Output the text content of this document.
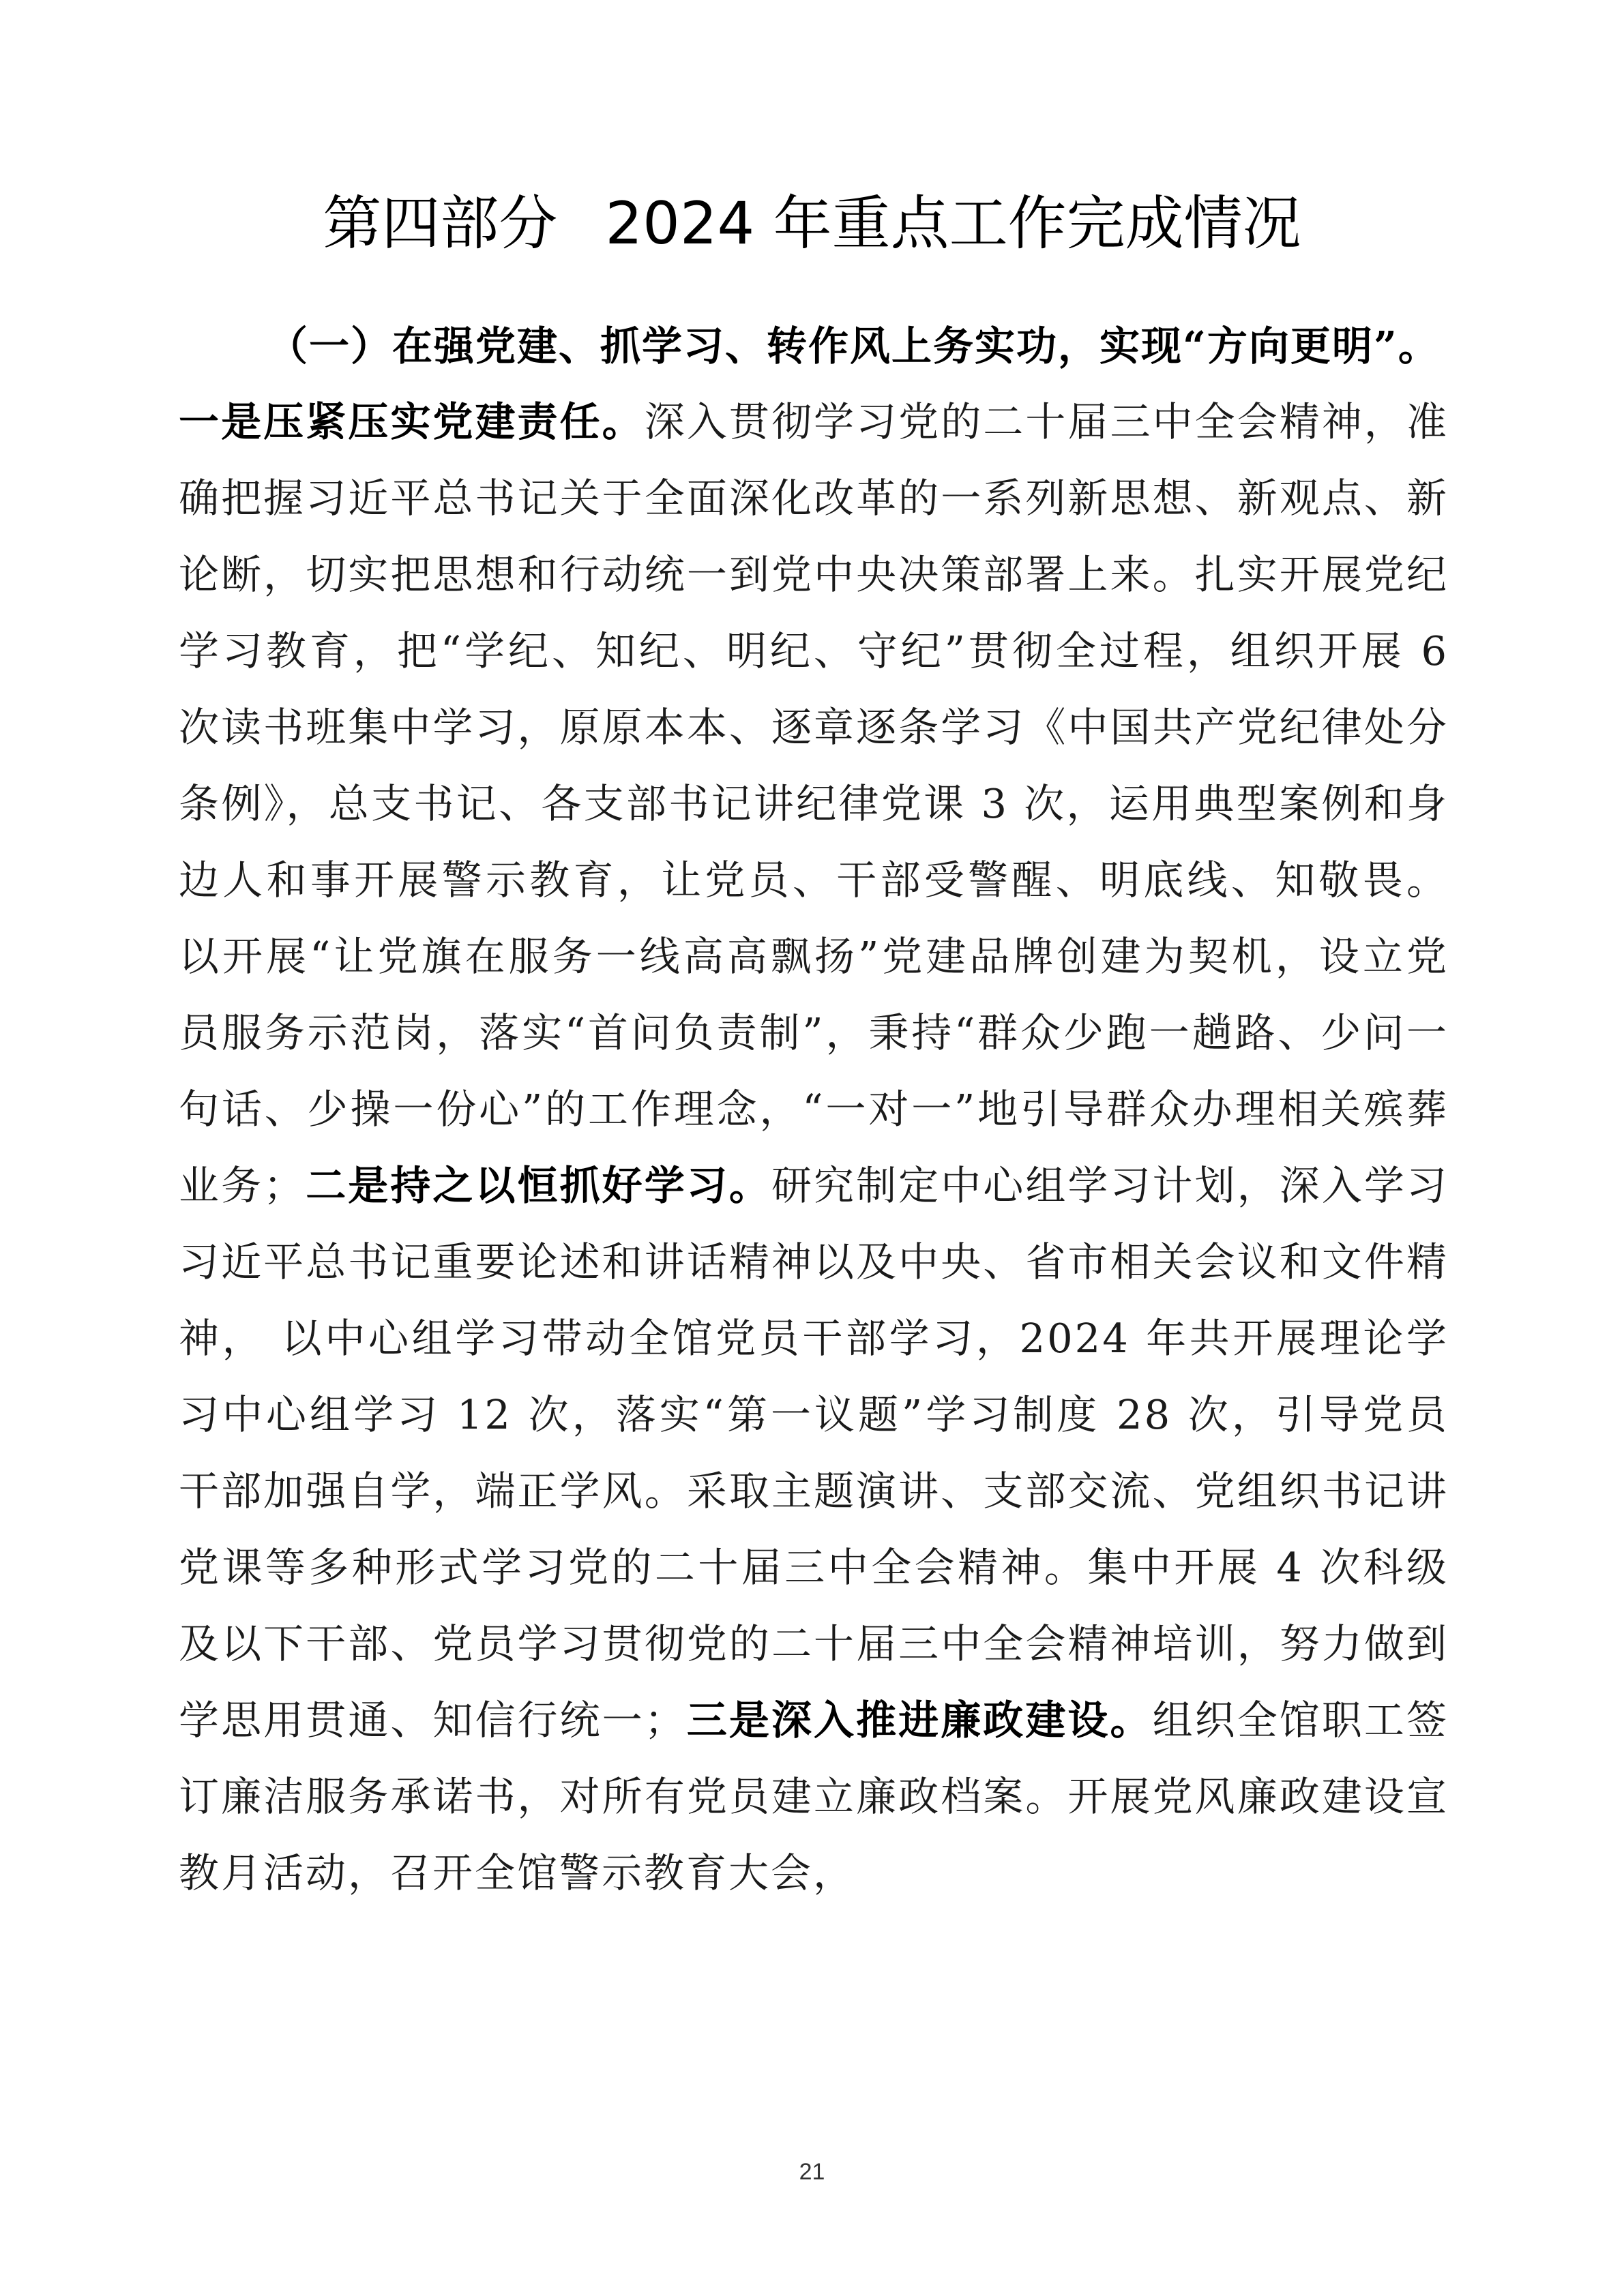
第四部分 2024 年重点工作完成情况

（一）在强党建、抓学习、转作风上务实功，实现“方向更明”。

一是压紧压实党建责任。深入贯彻学习党的二十届三中全会精神，准确把握习近平总书记关于全面深化改革的一系列新思想、新观点、新论断，切实把思想和行动统一到党中央决策部署上来。扎实开展党纪学习教育，把“学纪、知纪、明纪、守纪”贯彻全过程，组织开展 6 次读书班集中学习，原原本本、逐章逐条学习《中国共产党纪律处分条例》，总支书记、各支部书记讲纪律党课 3 次，运用典型案例和身边人和事开展警示教育，让党员、干部受警醒、明底线、知敬畏。 以开展“让党旗在服务一线高高飘扬”党建品牌创建为契机，设立党员服务示范岗，落实“首问负责制”，秉持“群众少跑一趟路、少问一句话、少操一份心”的工作理念，“一对一”地引导群众办理相关殡葬业务；二是持之以恒抓好学习。研究制定中心组学习计划，深入学习习近平总书记重要论述和讲话精神以及中央、省市相关会议和文件精神， 以中心组学习带动全馆党员干部学习，2024 年共开展理论学习中心组学习 12 次，落实“第一议题”学习制度 28 次，引导党员干部加强自学，端正学风。采取主题演讲、支部交流、党组织书记讲党课等多种形式学习党的二十届三中全会精神。集中开展 4 次科级及以下干部、党员学习贯彻党的二十届三中全会精神培训，努力做到学思用贯通、知信行统一；三是深入推进廉政建设。组织全馆职工签订廉洁服务承诺书，对所有党员建立廉政档案。开展党风廉政建设宣教月活动，召开全馆警示教育大会，

21
